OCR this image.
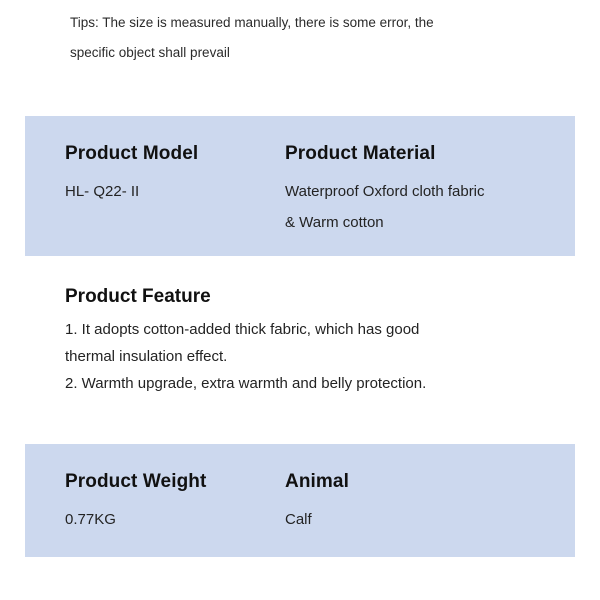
Tips: The size is measured manually, there is some error, the
specific object shall prevail
Product Model
HL- Q22- II
Product Material
Waterproof Oxford cloth fabric
& Warm cotton
Product Feature

1. It adopts cotton-added thick fabric, which has good

thermal insulation effect.

2. Warmth upgrade, extra warmth and belly protection.

Product Weight
0.77KG
Animal
Calf
